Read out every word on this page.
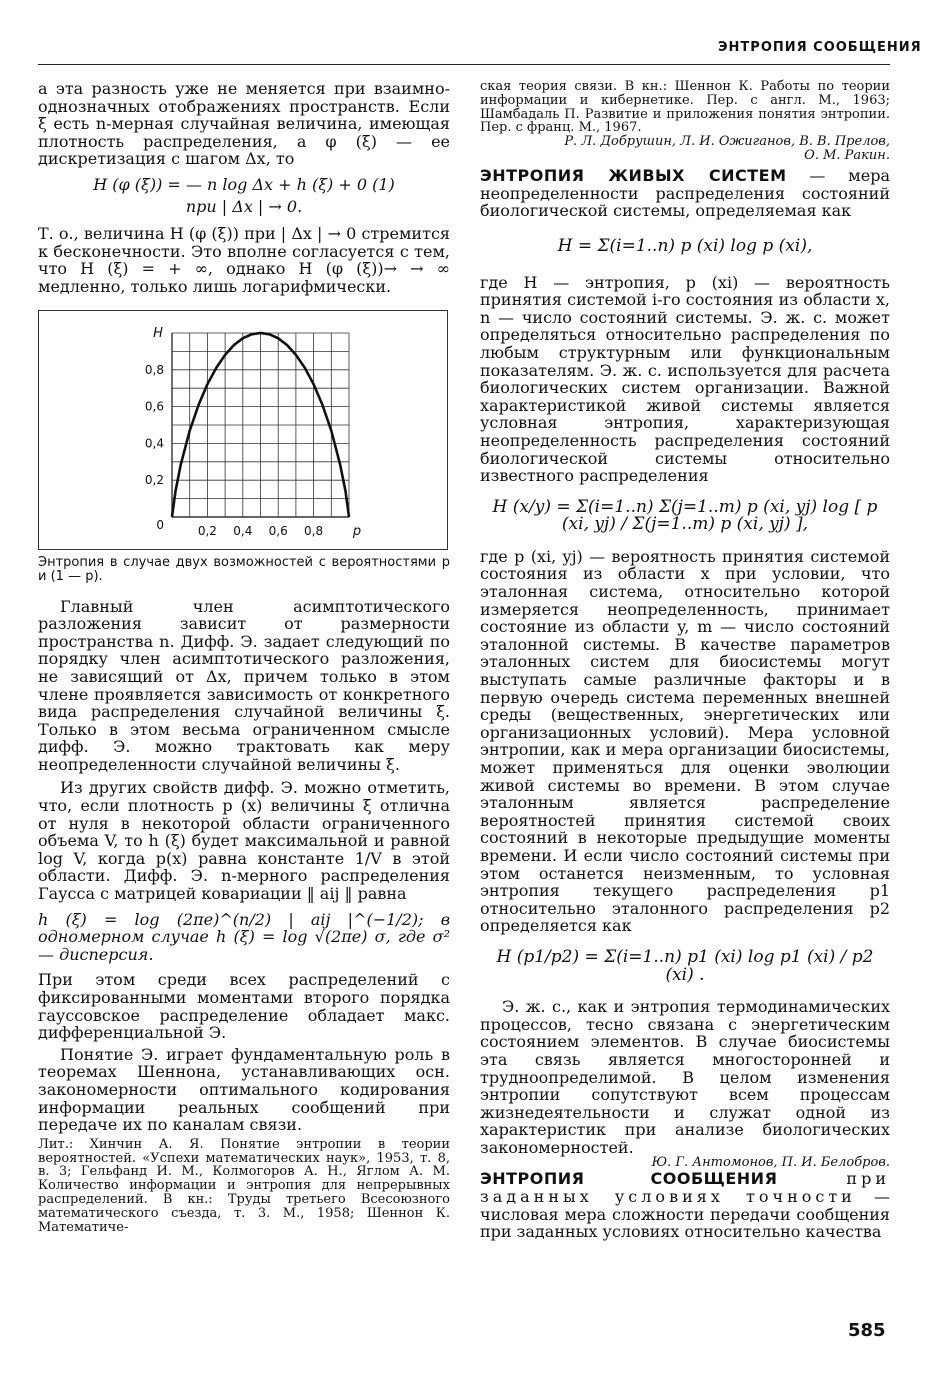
ЭНТРОПИЯ СООБЩЕНИЯ

а эта разность уже не меняется при взаимно-однозначных отображениях пространств. Если ξ есть n-мерная случайная величина, имеющая плотность распределения, а φ (ξ) — ее дискретизация с шагом Δx, то

H (φ (ξ)) = — n log Δx + h (ξ) + 0 (1)

при | Δx | → 0.

Т. о., величина H (φ (ξ)) при | Δx | → 0 стремится к бесконечности. Это вполне согласуется с тем, что H (ξ) = + ∞, однако H (φ (ξ))→ → ∞ медленно, только лишь логарифмически.

0,2 0,4 0,6 0,8
0
0,2
0,4
0,6
0,8
H
p

Энтропия в случае двух возможностей с вероятностями p и (1 — p).

Главный член асимптотического разложения зависит от размерности пространства n. Дифф. Э. задает следующий по порядку член асимптотического разложения, не зависящий от Δx, причем только в этом члене проявляется зависимость от конкретного вида распределения случайной величины ξ. Только в этом весьма ограниченном смысле дифф. Э. можно трактовать как меру неопределенности случайной величины ξ.

Из других свойств дифф. Э. можно отметить, что, если плотность p (x) величины ξ отлична от нуля в некоторой области ограниченного объема V, то h (ξ) будет максимальной и равной log V, когда p(x) равна константе 1/V в этой области. Дифф. Э. n-мерного распределения Гаусса с матрицей ковариации ‖ aij ‖ равна

h (ξ) = log (2πe)^(n/2) | aij |^(−1/2); в одномерном случае h (ξ) = log √(2πe) σ, где σ² — дисперсия.

При этом среди всех распределений с фиксированными моментами второго порядка гауссовское распределение обладает макс. дифференциальной Э.

Понятие Э. играет фундаментальную роль в теоремах Шеннона, устанавливающих осн. закономерности оптимального кодирования информации реальных сообщений при передаче их по каналам связи.

Лит.: Хинчин А. Я. Понятие энтропии в теории вероятностей. «Успехи математических наук», 1953, т. 8, в. 3; Гельфанд И. М., Колмогоров А. Н., Яглом А. М. Количество информации и энтропия для непрерывных распределений. В кн.: Труды третьего Всесоюзного математического съезда, т. 3. М., 1958; Шеннон К. Математиче-

ская теория связи. В кн.: Шеннон К. Работы по теории информации и кибернетике. Пер. с англ. М., 1963; Шамбадаль П. Развитие и приложения понятия энтропии. Пер. с франц. М., 1967.

Р. Л. Добрушин, Л. И. Ожиганов, В. В. Прелов,
О. М. Ракин.

ЭНТРОПИЯ ЖИВЫХ СИСТЕМ — мера неопределенности распределения состояний биологической системы, определяемая как

H = Σ(i=1..n) p (xi) log p (xi),

где H — энтропия, p (xi) — вероятность принятия системой i-го состояния из области x, n — число состояний системы. Э. ж. с. может определяться относительно распределения по любым структурным или функциональным показателям. Э. ж. с. используется для расчета биологических систем организации. Важной характеристикой живой системы является условная энтропия, характеризующая неопределенность распределения состояний биологической системы относительно известного распределения

H (x/y) = Σ(i=1..n) Σ(j=1..m) p (xi, yj) log [ p (xi, yj) / Σ(j=1..m) p (xi, yj) ],

где p (xi, yj) — вероятность принятия системой состояния из области x при условии, что эталонная система, относительно которой измеряется неопределенность, принимает состояние из области y, m — число состояний эталонной системы. В качестве параметров эталонных систем для биосистемы могут выступать самые различные факторы и в первую очередь система переменных внешней среды (вещественных, энергетических или организационных условий). Мера условной энтропии, как и мера организации биосистемы, может применяться для оценки эволюции живой системы во времени. В этом случае эталонным является распределение вероятностей принятия системой своих состояний в некоторые предыдущие моменты времени. И если число состояний системы при этом останется неизменным, то условная энтропия текущего распределения p1 относительно эталонного распределения p2 определяется как

H (p1/p2) = Σ(i=1..n) p1 (xi) log p1 (xi) / p2 (xi) .

Э. ж. с., как и энтропия термодинамических процессов, тесно связана с энергетическим состоянием элементов. В случае биосистемы эта связь является многосторонней и трудноопределимой. В целом изменения энтропии сопутствуют всем процессам жизнедеятельности и служат одной из характеристик при анализе биологических закономерностей.

Ю. Г. Антомонов, П. И. Белобров.

ЭНТРОПИЯ СООБЩЕНИЯ при заданных условиях точности — числовая мера сложности передачи сообщения при заданных условиях относительно качества

585
